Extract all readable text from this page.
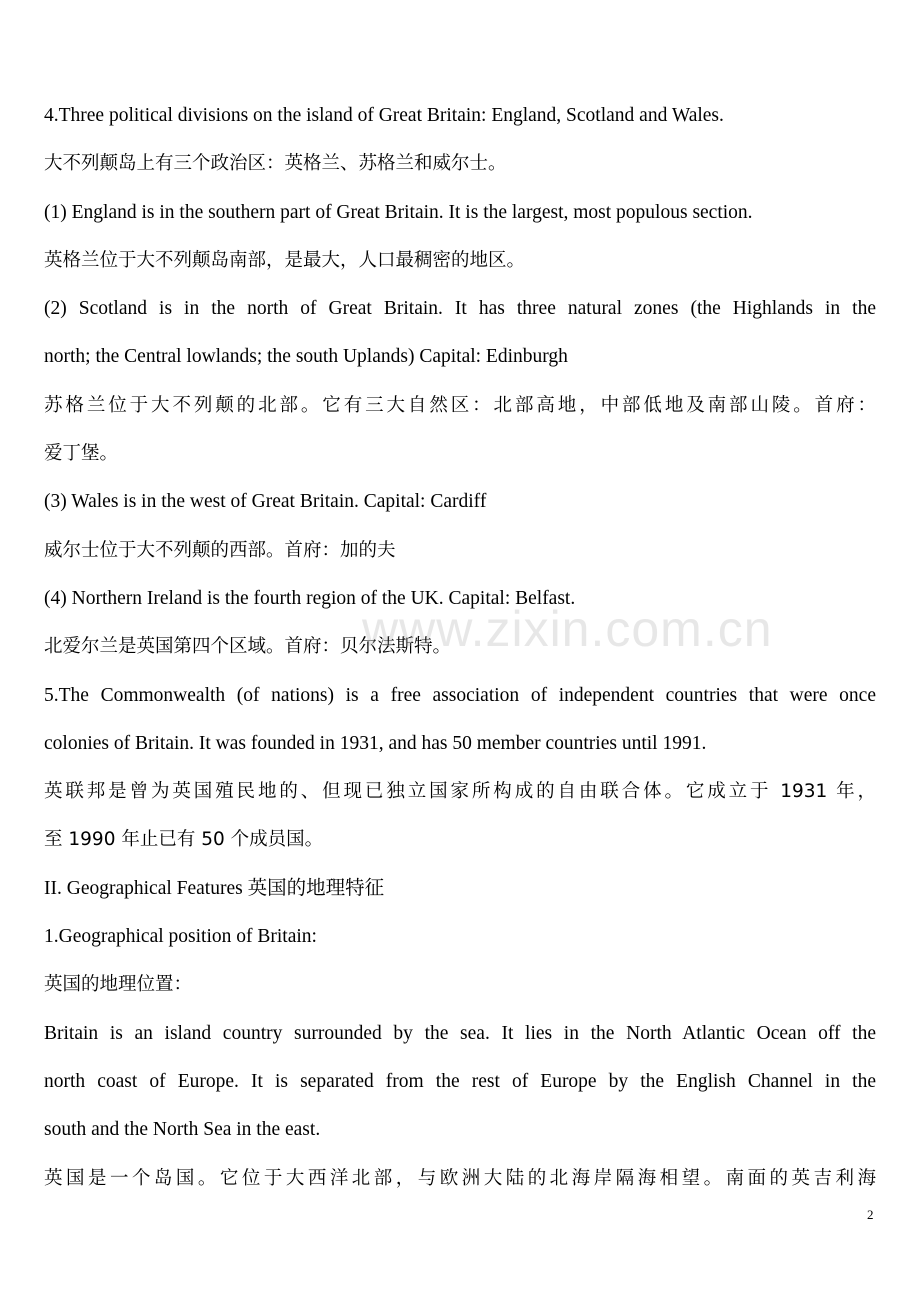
4.Three political divisions on the island of Great Britain: England, Scotland and Wales.
大不列颠岛上有三个政治区：英格兰、苏格兰和威尔士。
(1) England is in the southern part of Great Britain. It is the largest, most populous section.
英格兰位于大不列颠岛南部，是最大，人口最稠密的地区。
(2) Scotland is in the north of Great Britain. It has three natural zones (the Highlands in the
north; the Central lowlands; the south Uplands) Capital: Edinburgh
苏格兰位于大不列颠的北部。它有三大自然区：北部高地，中部低地及南部山陵。首府：
爱丁堡。
(3) Wales is in the west of Great Britain. Capital: Cardiff
威尔士位于大不列颠的西部。首府：加的夫
(4) Northern Ireland is the fourth region of the UK. Capital: Belfast.
北爱尔兰是英国第四个区域。首府：贝尔法斯特。
5.The Commonwealth (of nations) is a free association of independent countries that were once
colonies of Britain. It was founded in 1931, and has 50 member countries until 1991.
英联邦是曾为英国殖民地的、但现已独立国家所构成的自由联合体。它成立于 1931 年，
至 1990 年止已有 50 个成员国。
II. Geographical Features 英国的地理特征
1.Geographical position of Britain:
英国的地理位置：
Britain is an island country surrounded by the sea. It lies in the North Atlantic Ocean off the
north coast of Europe. It is separated from the rest of Europe by the English Channel in the
south and the North Sea in the east.
英国是一个岛国。它位于大西洋北部，与欧洲大陆的北海岸隔海相望。南面的英吉利海
www.zixin.com.cn
2
